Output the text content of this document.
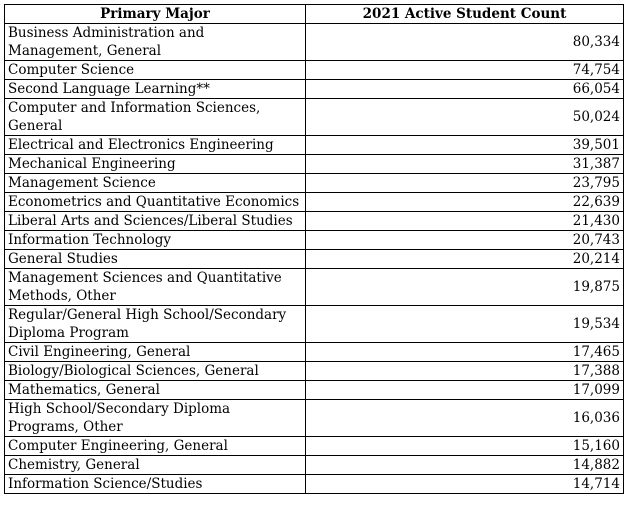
Primary Major	2021 Active Student Count
Business Administration and Management, General	80,334
Computer Science	74,754
Second Language Learning**	66,054
Computer and Information Sciences, General	50,024
Electrical and Electronics Engineering	39,501
Mechanical Engineering	31,387
Management Science	23,795
Econometrics and Quantitative Economics	22,639
Liberal Arts and Sciences/Liberal Studies	21,430
Information Technology	20,743
General Studies	20,214
Management Sciences and Quantitative Methods, Other	19,875
Regular/General High School/Secondary Diploma Program	19,534
Civil Engineering, General	17,465
Biology/Biological Sciences, General	17,388
Mathematics, General	17,099
High School/Secondary Diploma Programs, Other	16,036
Computer Engineering, General	15,160
Chemistry, General	14,882
Information Science/Studies	14,714
